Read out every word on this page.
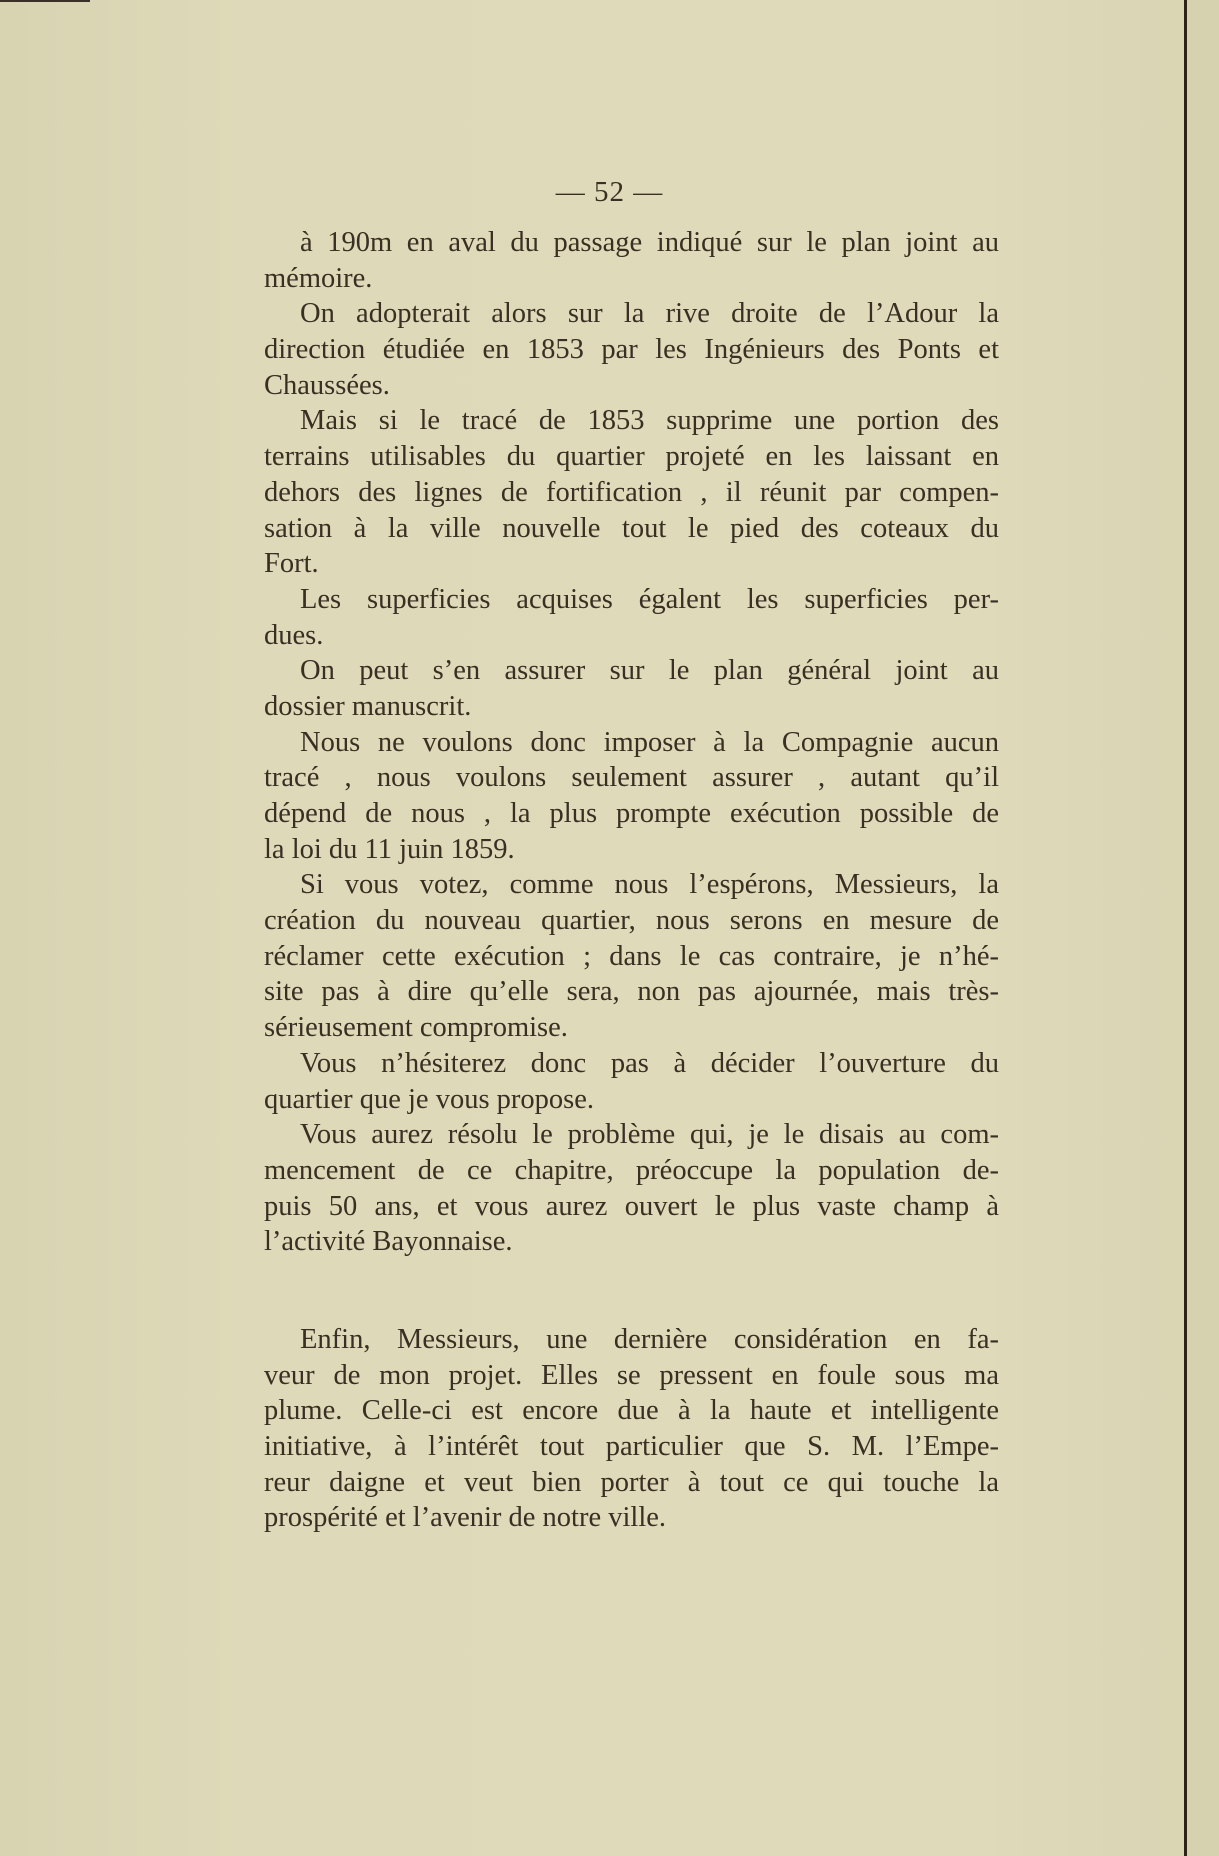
— 52 —
à 190m en aval du passage indiqué sur le plan joint au
mémoire.
On adopterait alors sur la rive droite de l’Adour la
direction étudiée en 1853 par les Ingénieurs des Ponts et
Chaussées.
Mais si le tracé de 1853 supprime une portion des
terrains utilisables du quartier projeté en les laissant en
dehors des lignes de fortification , il réunit par compen-
sation à la ville nouvelle tout le pied des coteaux du
Fort.
Les superficies acquises égalent les superficies per-
dues.
On peut s’en assurer sur le plan général joint au
dossier manuscrit.
Nous ne voulons donc imposer à la Compagnie aucun
tracé , nous voulons seulement assurer , autant qu’il
dépend de nous , la plus prompte exécution possible de
la loi du 11 juin 1859.
Si vous votez, comme nous l’espérons, Messieurs, la
création du nouveau quartier, nous serons en mesure de
réclamer cette exécution ; dans le cas contraire, je n’hé-
site pas à dire qu’elle sera, non pas ajournée, mais très-
sérieusement compromise.
Vous n’hésiterez donc pas à décider l’ouverture du
quartier que je vous propose.
Vous aurez résolu le problème qui, je le disais au com-
mencement de ce chapitre, préoccupe la population de-
puis 50 ans, et vous aurez ouvert le plus vaste champ à
l’activité Bayonnaise.
Enfin, Messieurs, une dernière considération en fa-
veur de mon projet. Elles se pressent en foule sous ma
plume. Celle-ci est encore due à la haute et intelligente
initiative, à l’intérêt tout particulier que S. M. l’Empe-
reur daigne et veut bien porter à tout ce qui touche la
prospérité et l’avenir de notre ville.
